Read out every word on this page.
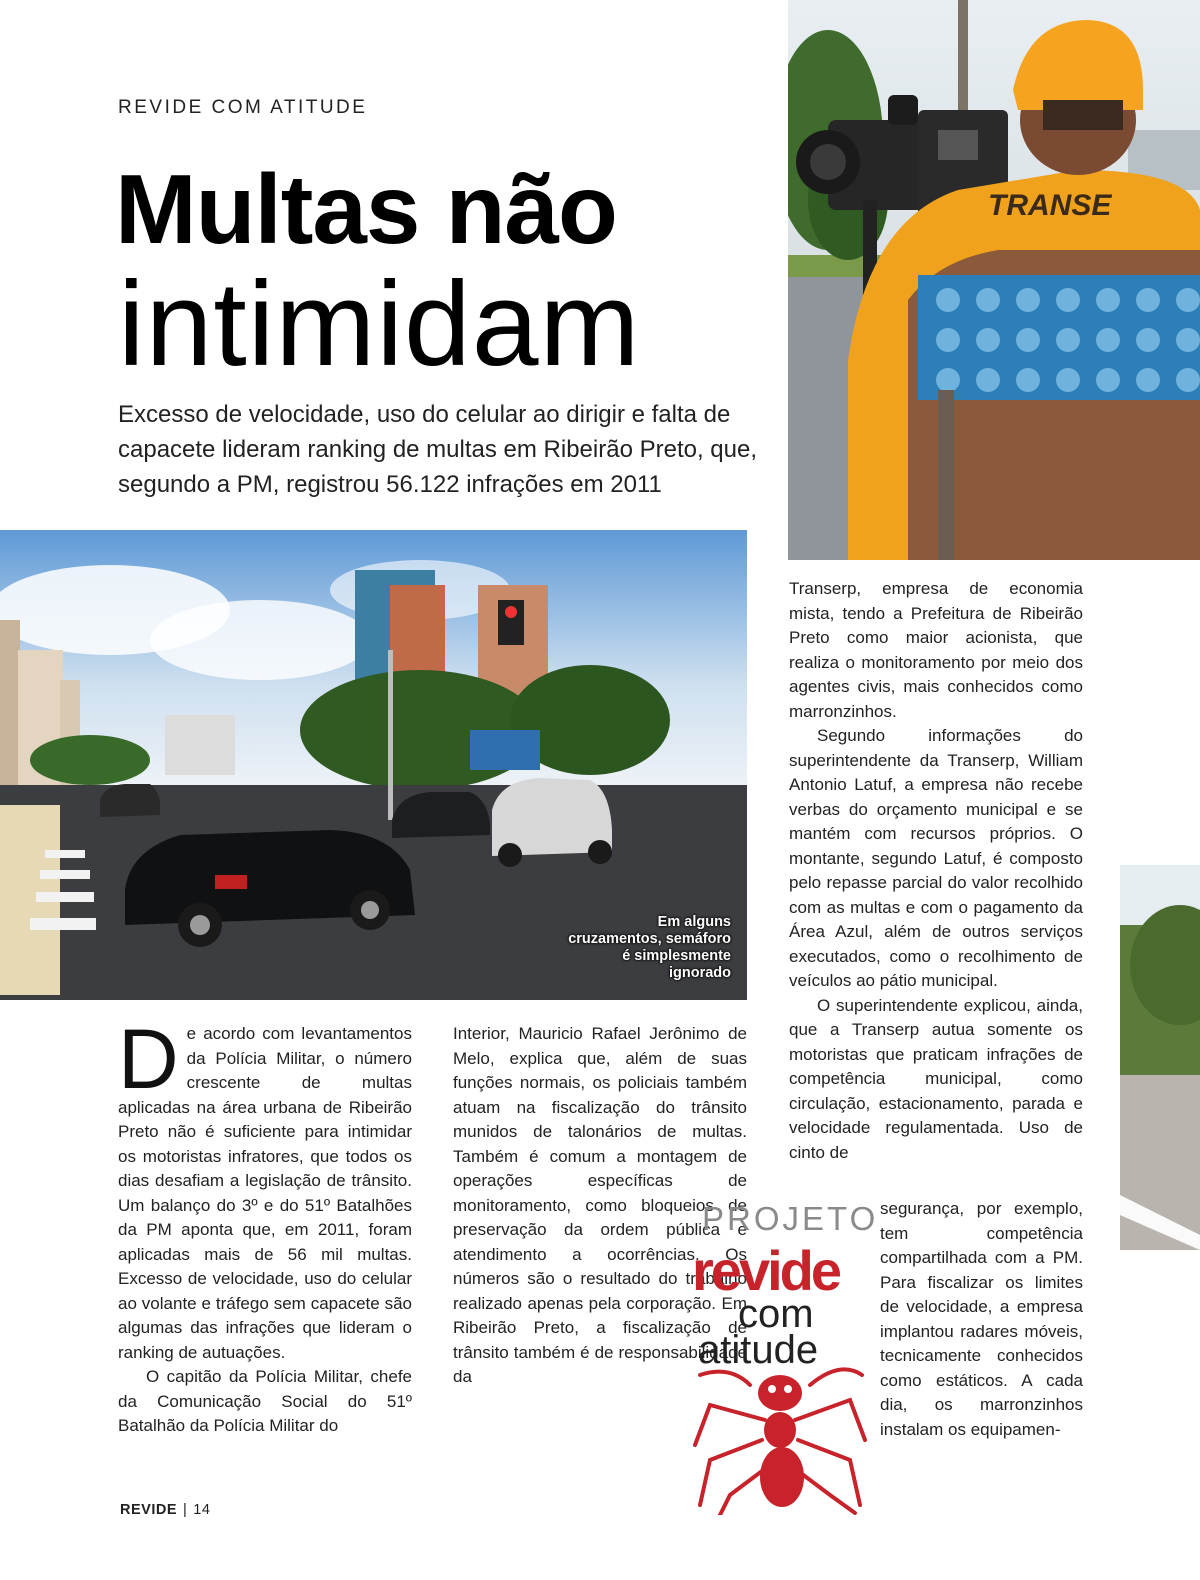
REVIDE COM ATITUDE
Multas não
intimidam
Excesso de velocidade, uso do celular ao dirigir e falta de capacete lideram ranking de multas em Ribeirão Preto, que, segundo a PM, registrou 56.122 infrações em 2011
TRANSE
Em alguns cruzamentos, semáforo é simplesmente ignorado
D e acordo com levantamentos da Polícia Militar, o número crescente de multas aplicadas na área urbana de Ribeirão Preto não é suficiente para intimidar os motoristas infratores, que todos os dias desafiam a legislação de trânsito. Um balanço do 3º e do 51º Batalhões da PM aponta que, em 2011, foram aplicadas mais de 56 mil multas. Excesso de velocidade, uso do celular ao volante e tráfego sem capacete são algumas das infrações que lideram o ranking de autuações.

O capitão da Polícia Militar, chefe da Comunicação Social do 51º Batalhão da Polícia Militar do

Interior, Mauricio Rafael Jerônimo de Melo, explica que, além de suas funções normais, os policiais também atuam na fiscalização do trânsito munidos de talonários de multas. Também é comum a montagem de operações específicas de monitoramento, como bloqueios de preservação da ordem pública e atendimento a ocorrências. Os números são o resultado do trabalho realizado apenas pela corporação. Em Ribeirão Preto, a fiscalização de trânsito também é de responsabilidade da

Transerp, empresa de economia mista, tendo a Prefeitura de Ribeirão Preto como maior acionista, que realiza o monitoramento por meio dos agentes civis, mais conhecidos como marronzinhos.

Segundo informações do superintendente da Transerp, William Antonio Latuf, a empresa não recebe verbas do orçamento municipal e se mantém com recursos próprios. O montante, segundo Latuf, é composto pelo repasse parcial do valor recolhido com as multas e com o pagamento da Área Azul, além de outros serviços executados, como o recolhimento de veículos ao pátio municipal.

O superintendente explicou, ainda, que a Transerp autua somente os motoristas que praticam infrações de competência municipal, como circulação, estacionamento, parada e velocidade regulamentada. Uso de cinto de

segurança, por exemplo, tem competência compartilhada com a PM. Para fiscalizar os limites de velocidade, a empresa implantou radares móveis, tecnicamente conhecidos como estáticos. A cada dia, os marronzinhos instalam os equipamen-

PROJETO
revide
com
atitude
REVIDE | 14
